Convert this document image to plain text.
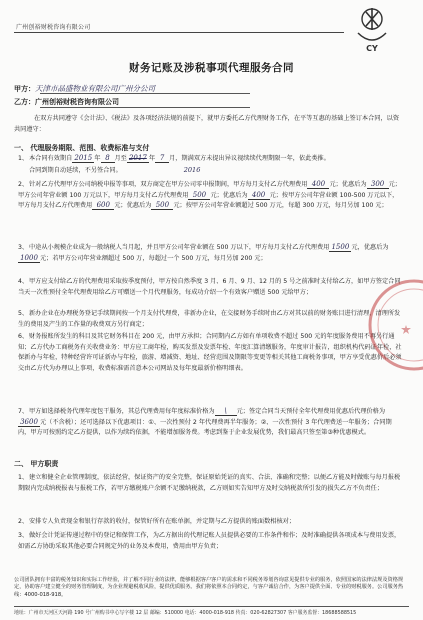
广州创裕财税咨询有限公司
CY
财务记账及涉税事项代理服务合同
甲方：天津市晶盛物业有限公司广州分公司
乙方：广州创裕财税咨询有限公司
在双方共同遵守《会计法》、《税法》及各项经济法规的前提下，就甲方委托乙方代理财务工作，在平等互惠的基础上签订本合同，以资共同遵守：
一、 代理服务期限、范围、收费标准与支付

1、本合同有效期自 2015 年 8 月至 2017 年 7 月，期满双方未提出异议视续续代理期限一年，依此类推。

合同到期自动延续，不另签合同。	2016

2、针对乙方代理甲方公司纳税申报等事项，双方商定在甲方公司零申报期间，甲方每月支付乙方代理费用 400 元；优惠后为 300 元；甲方公司年营业额 100 万元以下，甲方每月支付乙方代理费用 500 元；优惠后为 400 元；按甲方公司年营业额 100-500 万元以下，甲方每月支付乙方代理费用 600 元；优惠后为 500 元；按甲方公司年营业额超过 500 万元，每超 300 万元，每月另加 100 元；
3、中途从小规模企业成为一般纳税人当月起，并且甲方公司年营业额在 500 万以下，甲方每月支付乙方代理费用 1500 元，优惠后为1000 元；若甲方公司年营业额超过 500 万，每超过一个 500 万元，每月另加 200 元；
4、甲方应支付给乙方的代理费用采取按季度预付，甲方按自然季度 3 月、6 月、9 月、12 月的 5 号之前准时支付给乙方，如甲方签定合同当天一次性预付全年代理费用给乙方可赠送一个月代理服务，每成功介绍一个有效客户赠送 500 元给甲方；
5、新办企业在办理税务登记手续期间按一个月支付代理费，非新办企业，在交接财务手续时由乙方对其以前的财务账目进行清理，清理所发生的费用及产生的工作量的收费双方另行商定；
6、财务报账所发生的科目及其它财务科目在 200 元，由甲方承担；合同期内乙方如有单项收费不超过 500 元的年度服务费用不再另行通知；乙方代办工商税务有关收费业务：甲方应工商年检，购买发票及发票年检、年度汇算清缴服务，年度审计报告，组织机构代码证年检，社保新办与年检，特种经营许可证新办与年检，旅游、增减资、地址、经营范围及期限等变更等相关其他工商税务事项，甲方享受优惠价后必须交由乙方代为办理以上事项，收费标准需首意本公司网站及每年度最新价格明细表。
7、甲方如选择税务代理年度包干服务，其总代理费用每年度标准价格为 \ 元；签定合同当天预付全年代理费用优惠后代理价格为3600 元（不含税）；还可选择以下优惠项目：①、一次性预付 2 年代理费再半年服务；②、一次性预付 3 年代理费送一年服务；合同期内，甲方可按照约定乙方提供，以作为续约依据，不能增加服务费。考虑到鉴于企业发展优势，我们最高只签至第③种优惠模式。
二、 甲方职责
1、建立和健全企业管理制度，依法经营，保证资产的安全完整，保证原始凭证的真实、合法、准确和完整；以便乙方能及时做账与每月报税期限内完成纳税报表与报税工作，若甲方缴税账户余额不足缴纳税款，乙方则如实告知甲方及时交纳税款所引发的损失乙方不负责任；
2、安排专人负责现金和银行存款的收付，保管好所有在账单据，并定期与乙方提供的账面数相核对；
3、做好会计凭证传递过程中的登记和保管工作，为乙方据出的代理记账人员提供必要的工作条件和作；及时准确提供各项成本与费用发票，如需乙方协助采取其他必要合同规定外的业务及本费用，费用由甲方负责；
公司团队拥有丰富的税务知识和实际工作经验，并了解不同行业的法律，能够根据客户客户的需求和不同税务筹划咨询意见提供专业的服务，依照国家的法律法规及资格规定，协助客户建立健全的财务管理制度，为企业规避税收风险，提供优质服务。我们将依照本合同约定，与客户诚信合作，为客户提供全面、专业的财税服务。公司服务热线：4000-018-918。
地址：广州市天河区天河路 190 号广州购书中心写字楼 12 层 邮编：510000 电话：4000-018-918 传真：020-62827307 客户服务监督：18688588515
